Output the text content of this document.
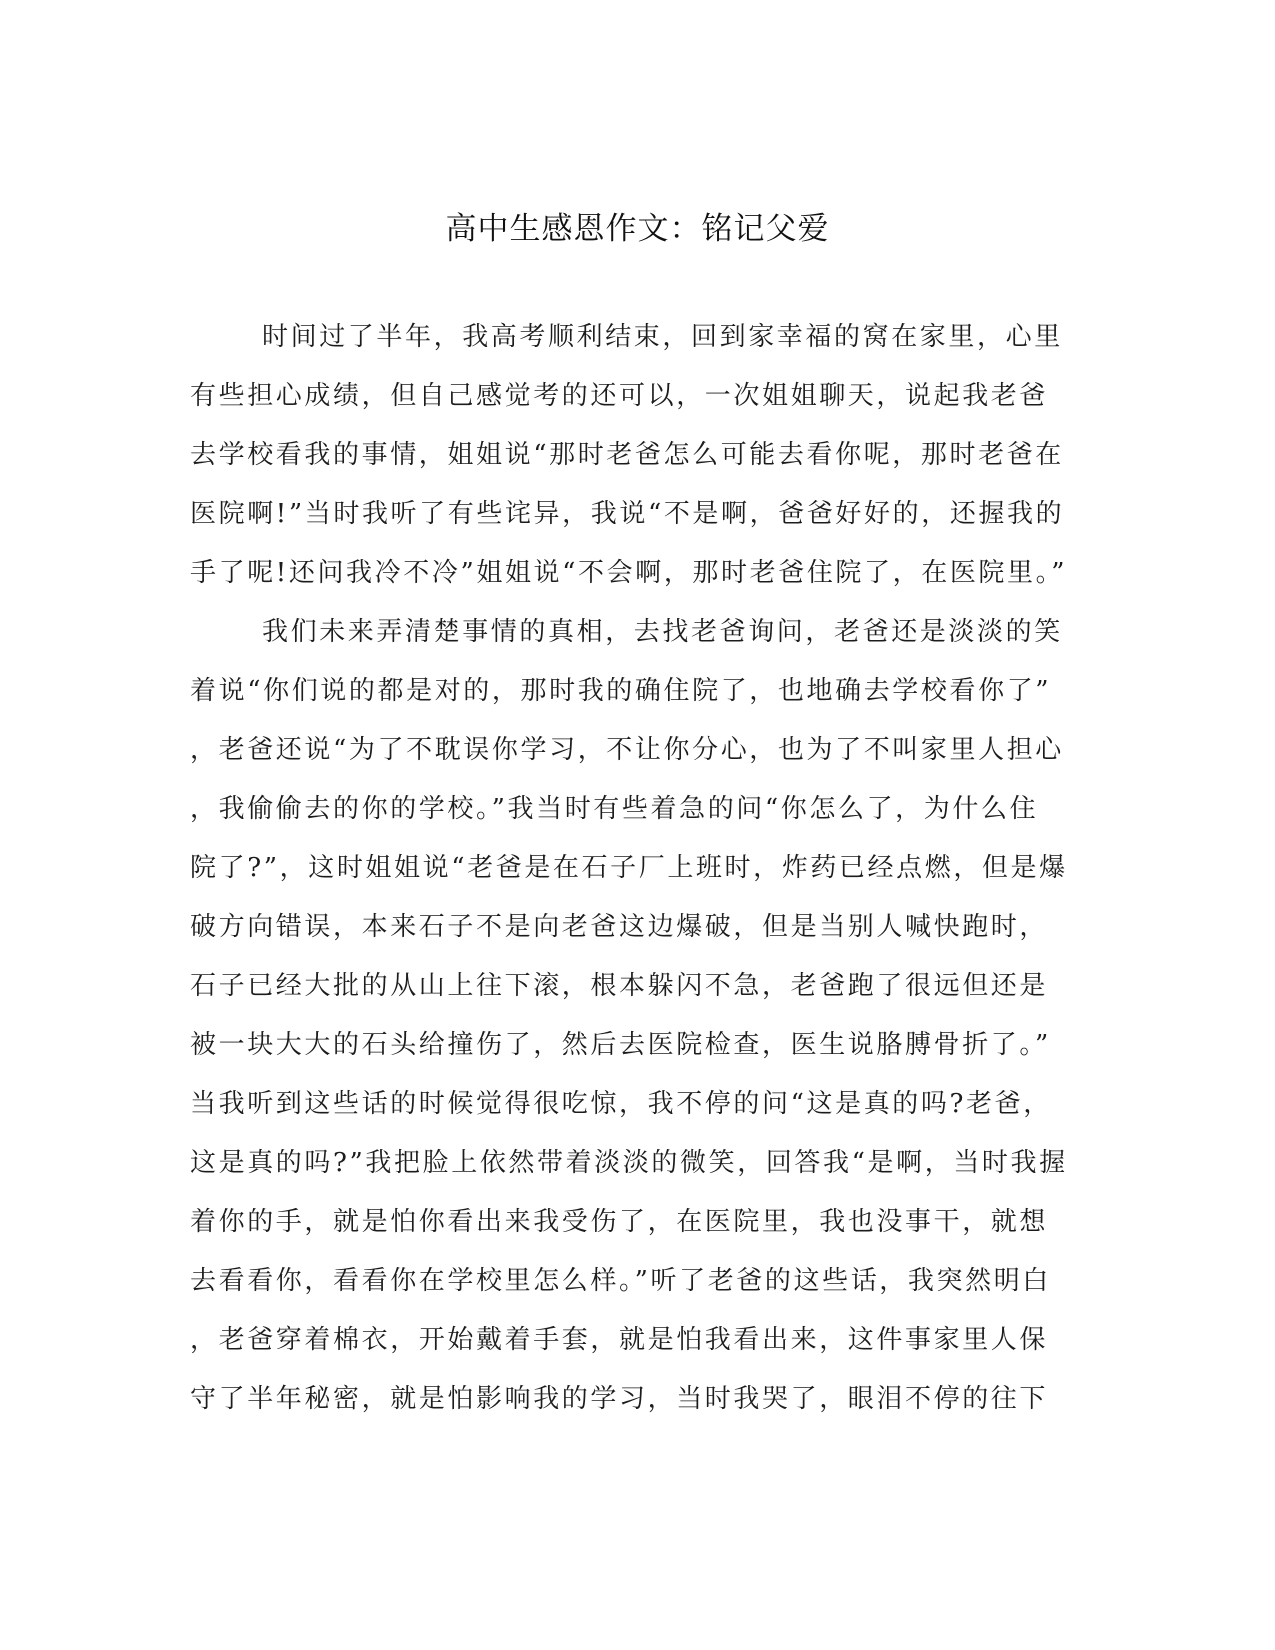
高中生感恩作文：铭记父爱
时间过了半年，我高考顺利结束，回到家幸福的窝在家里，心里
有些担心成绩，但自己感觉考的还可以，一次姐姐聊天，说起我老爸
去学校看我的事情，姐姐说“那时老爸怎么可能去看你呢，那时老爸在
医院啊!”当时我听了有些诧异，我说“不是啊，爸爸好好的，还握我的
手了呢!还问我冷不冷”姐姐说“不会啊，那时老爸住院了，在医院里。”
我们未来弄清楚事情的真相，去找老爸询问，老爸还是淡淡的笑
着说“你们说的都是对的，那时我的确住院了，也地确去学校看你了”
，老爸还说“为了不耽误你学习，不让你分心，也为了不叫家里人担心
，我偷偷去的你的学校。”我当时有些着急的问“你怎么了，为什么住
院了?”，这时姐姐说“老爸是在石子厂上班时，炸药已经点燃，但是爆
破方向错误，本来石子不是向老爸这边爆破，但是当别人喊快跑时，
石子已经大批的从山上往下滚，根本躲闪不急，老爸跑了很远但还是
被一块大大的石头给撞伤了，然后去医院检查，医生说胳膊骨折了。”
当我听到这些话的时候觉得很吃惊，我不停的问“这是真的吗?老爸，
这是真的吗?”我把脸上依然带着淡淡的微笑，回答我“是啊，当时我握
着你的手，就是怕你看出来我受伤了，在医院里，我也没事干，就想
去看看你，看看你在学校里怎么样。”听了老爸的这些话，我突然明白
，老爸穿着棉衣，开始戴着手套，就是怕我看出来，这件事家里人保
守了半年秘密，就是怕影响我的学习，当时我哭了，眼泪不停的往下
